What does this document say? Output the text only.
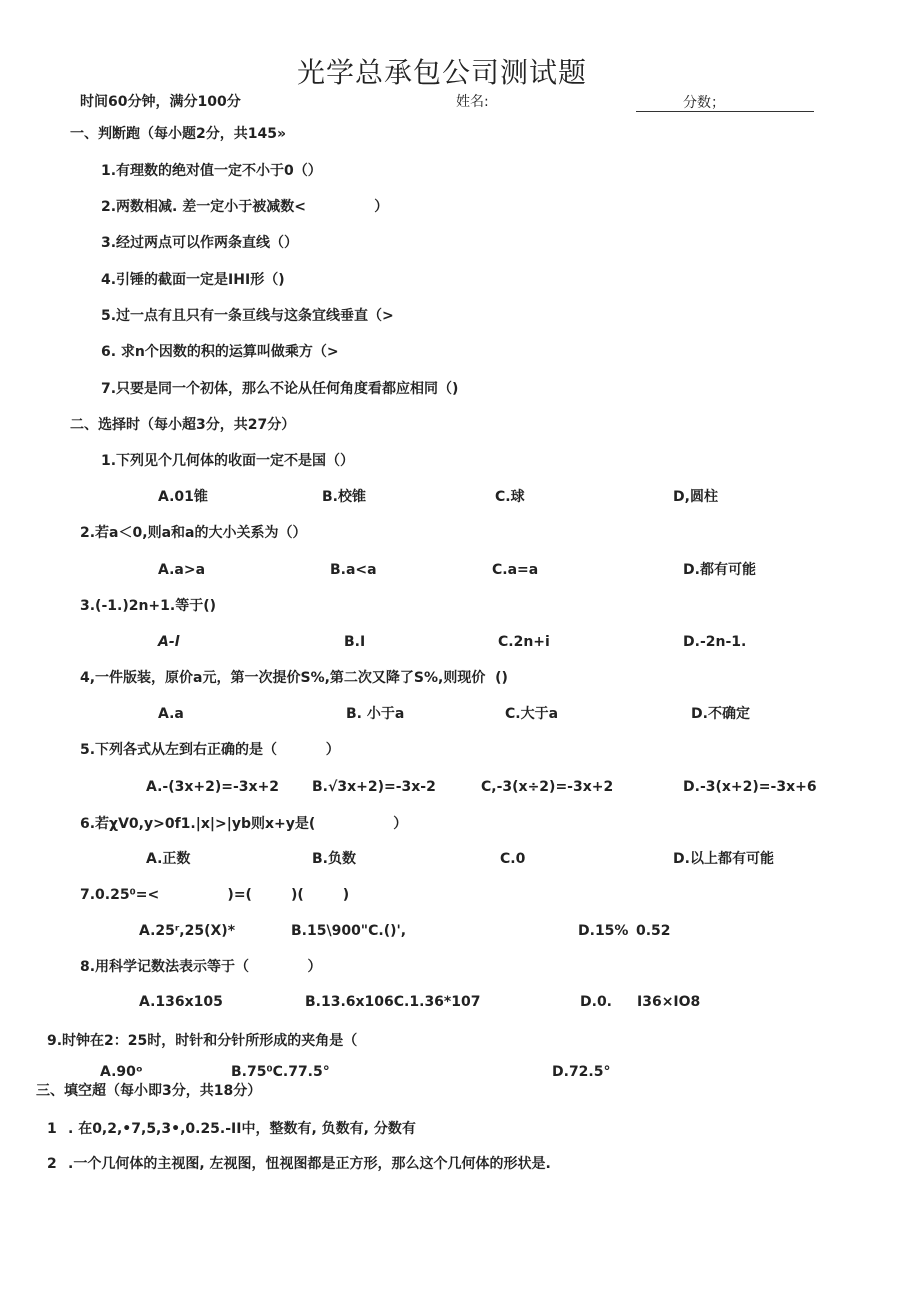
光学总承包公司测试题
时间60分钟，满分100分	姓名:	分数；
一、判断跑（每小题2分，共145»
1.有理数的绝对值一定不小于0（）
2.两数相减. 差一定小于被减数<              ）
3.经过两点可以作两条直线（）
4.引锤的截面一定是IHI形（)
5.过一点有且只有一条亘线与这条宜线垂直（>
6. 求n个因数的积的运算叫做乘方（>
7.只要是同一个初体，那么不论从任何角度看都应相同（)
二、选择时（每小超3分，共27分）
1.下列见个几何体的收面一定不是国（）
A.01锥	B.校锥	C.球	D,圆柱
2.若a＜0,则a和a的大小关系为（）
A.a>a	B.a<a	C.a=a	D.都有可能
3.(-1.)2n+1.等于()
A-l	B.I	C.2n+i	D.-2n-1.
4,一件版装，原价a元，第一次提价S%,第二次又降了S%,则现价  ()
A.a	B. 小于a	C.大于a	D.不确定
5.下列各式从左到右正确的是（          ）
A.-(3x+2)=-3x+2 B.√3x+2)=-3x-2	C,-3(x÷2)=-3x+2	D.-3(x+2)=-3x+6
6.若χV0,y>0f1.|x|>|yb则x+y是(                ）
A.正数	B.负数	C.0	D.以上都有可能
7.0.25⁰=<              )=(        )(        )
A.25ʳ,25(X)*	B.15\900"C.()',	D.15% 0.52
8.用科学记数法表示等于（            ）
A.136x105	B.13.6x106C.1.36*107	D.0. I36×IO8
9.时钟在2：25时，时针和分针所形成的夹角是（
A.90ᵒ	B.75⁰C.77.5°	D.72.5°
三、填空超（每小即3分，共18分）
1 . 在0,2,•7,5,3•,0.25.-II中，整数有, 负数有, 分数有
2 .一个几何体的主视图, 左视图，忸视图都是正方形，那么这个几何体的形状是.
